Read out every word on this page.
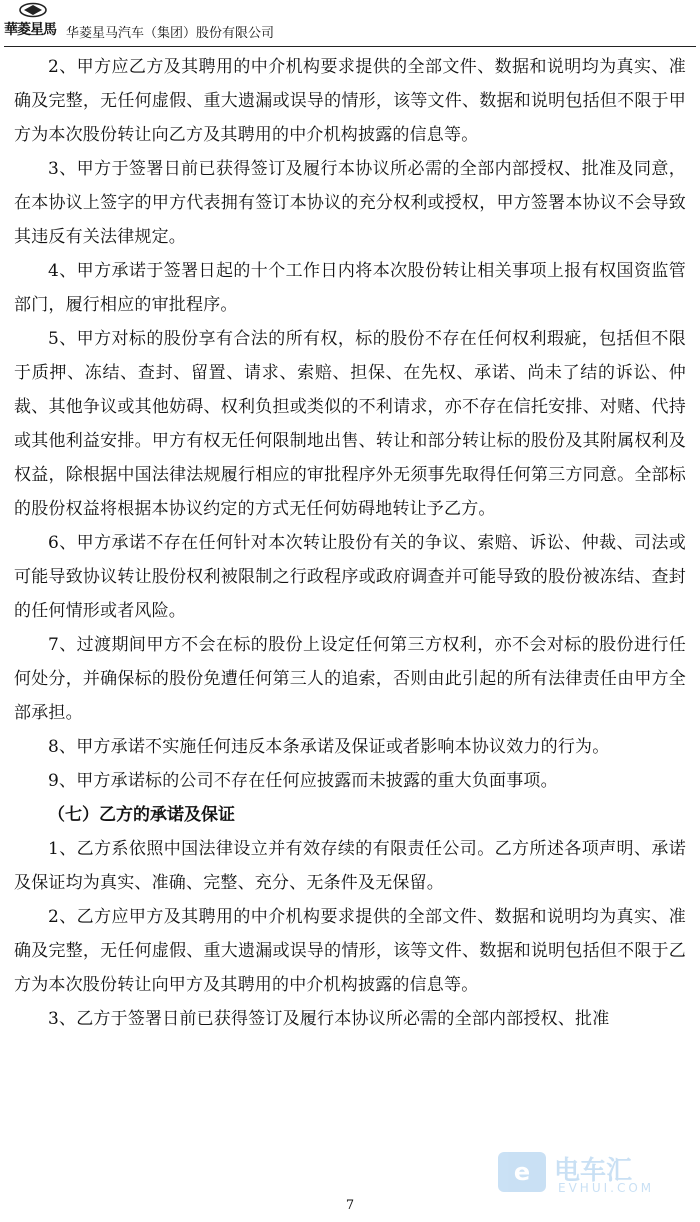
華菱星馬 华菱星马汽车（集团）股份有限公司

2、甲方应乙方及其聘用的中介机构要求提供的全部文件、数据和说明均为真实、准确及完整，无任何虚假、重大遗漏或误导的情形，该等文件、数据和说明包括但不限于甲方为本次股份转让向乙方及其聘用的中介机构披露的信息等。

3、甲方于签署日前已获得签订及履行本协议所必需的全部内部授权、批准及同意，在本协议上签字的甲方代表拥有签订本协议的充分权利或授权，甲方签署本协议不会导致其违反有关法律规定。

4、甲方承诺于签署日起的十个工作日内将本次股份转让相关事项上报有权国资监管部门，履行相应的审批程序。

5、甲方对标的股份享有合法的所有权，标的股份不存在任何权利瑕疵，包括但不限于质押、冻结、查封、留置、请求、索赔、担保、在先权、承诺、尚未了结的诉讼、仲裁、其他争议或其他妨碍、权利负担或类似的不利请求，亦不存在信托安排、对赌、代持或其他利益安排。甲方有权无任何限制地出售、转让和部分转让标的股份及其附属权利及权益，除根据中国法律法规履行相应的审批程序外无须事先取得任何第三方同意。全部标的股份权益将根据本协议约定的方式无任何妨碍地转让予乙方。

6、甲方承诺不存在任何针对本次转让股份有关的争议、索赔、诉讼、仲裁、司法或可能导致协议转让股份权利被限制之行政程序或政府调查并可能导致的股份被冻结、查封的任何情形或者风险。

7、过渡期间甲方不会在标的股份上设定任何第三方权利，亦不会对标的股份进行任何处分，并确保标的股份免遭任何第三人的追索，否则由此引起的所有法律责任由甲方全部承担。

8、甲方承诺不实施任何违反本条承诺及保证或者影响本协议效力的行为。

9、甲方承诺标的公司不存在任何应披露而未披露的重大负面事项。

（七）乙方的承诺及保证

1、乙方系依照中国法律设立并有效存续的有限责任公司。乙方所述各项声明、承诺及保证均为真实、准确、完整、充分、无条件及无保留。

2、乙方应甲方及其聘用的中介机构要求提供的全部文件、数据和说明均为真实、准确及完整，无任何虚假、重大遗漏或误导的情形，该等文件、数据和说明包括但不限于乙方为本次股份转让向甲方及其聘用的中介机构披露的信息等。

3、乙方于签署日前已获得签订及履行本协议所必需的全部内部授权、批准

e 电车汇
EVHUI.COM
7
